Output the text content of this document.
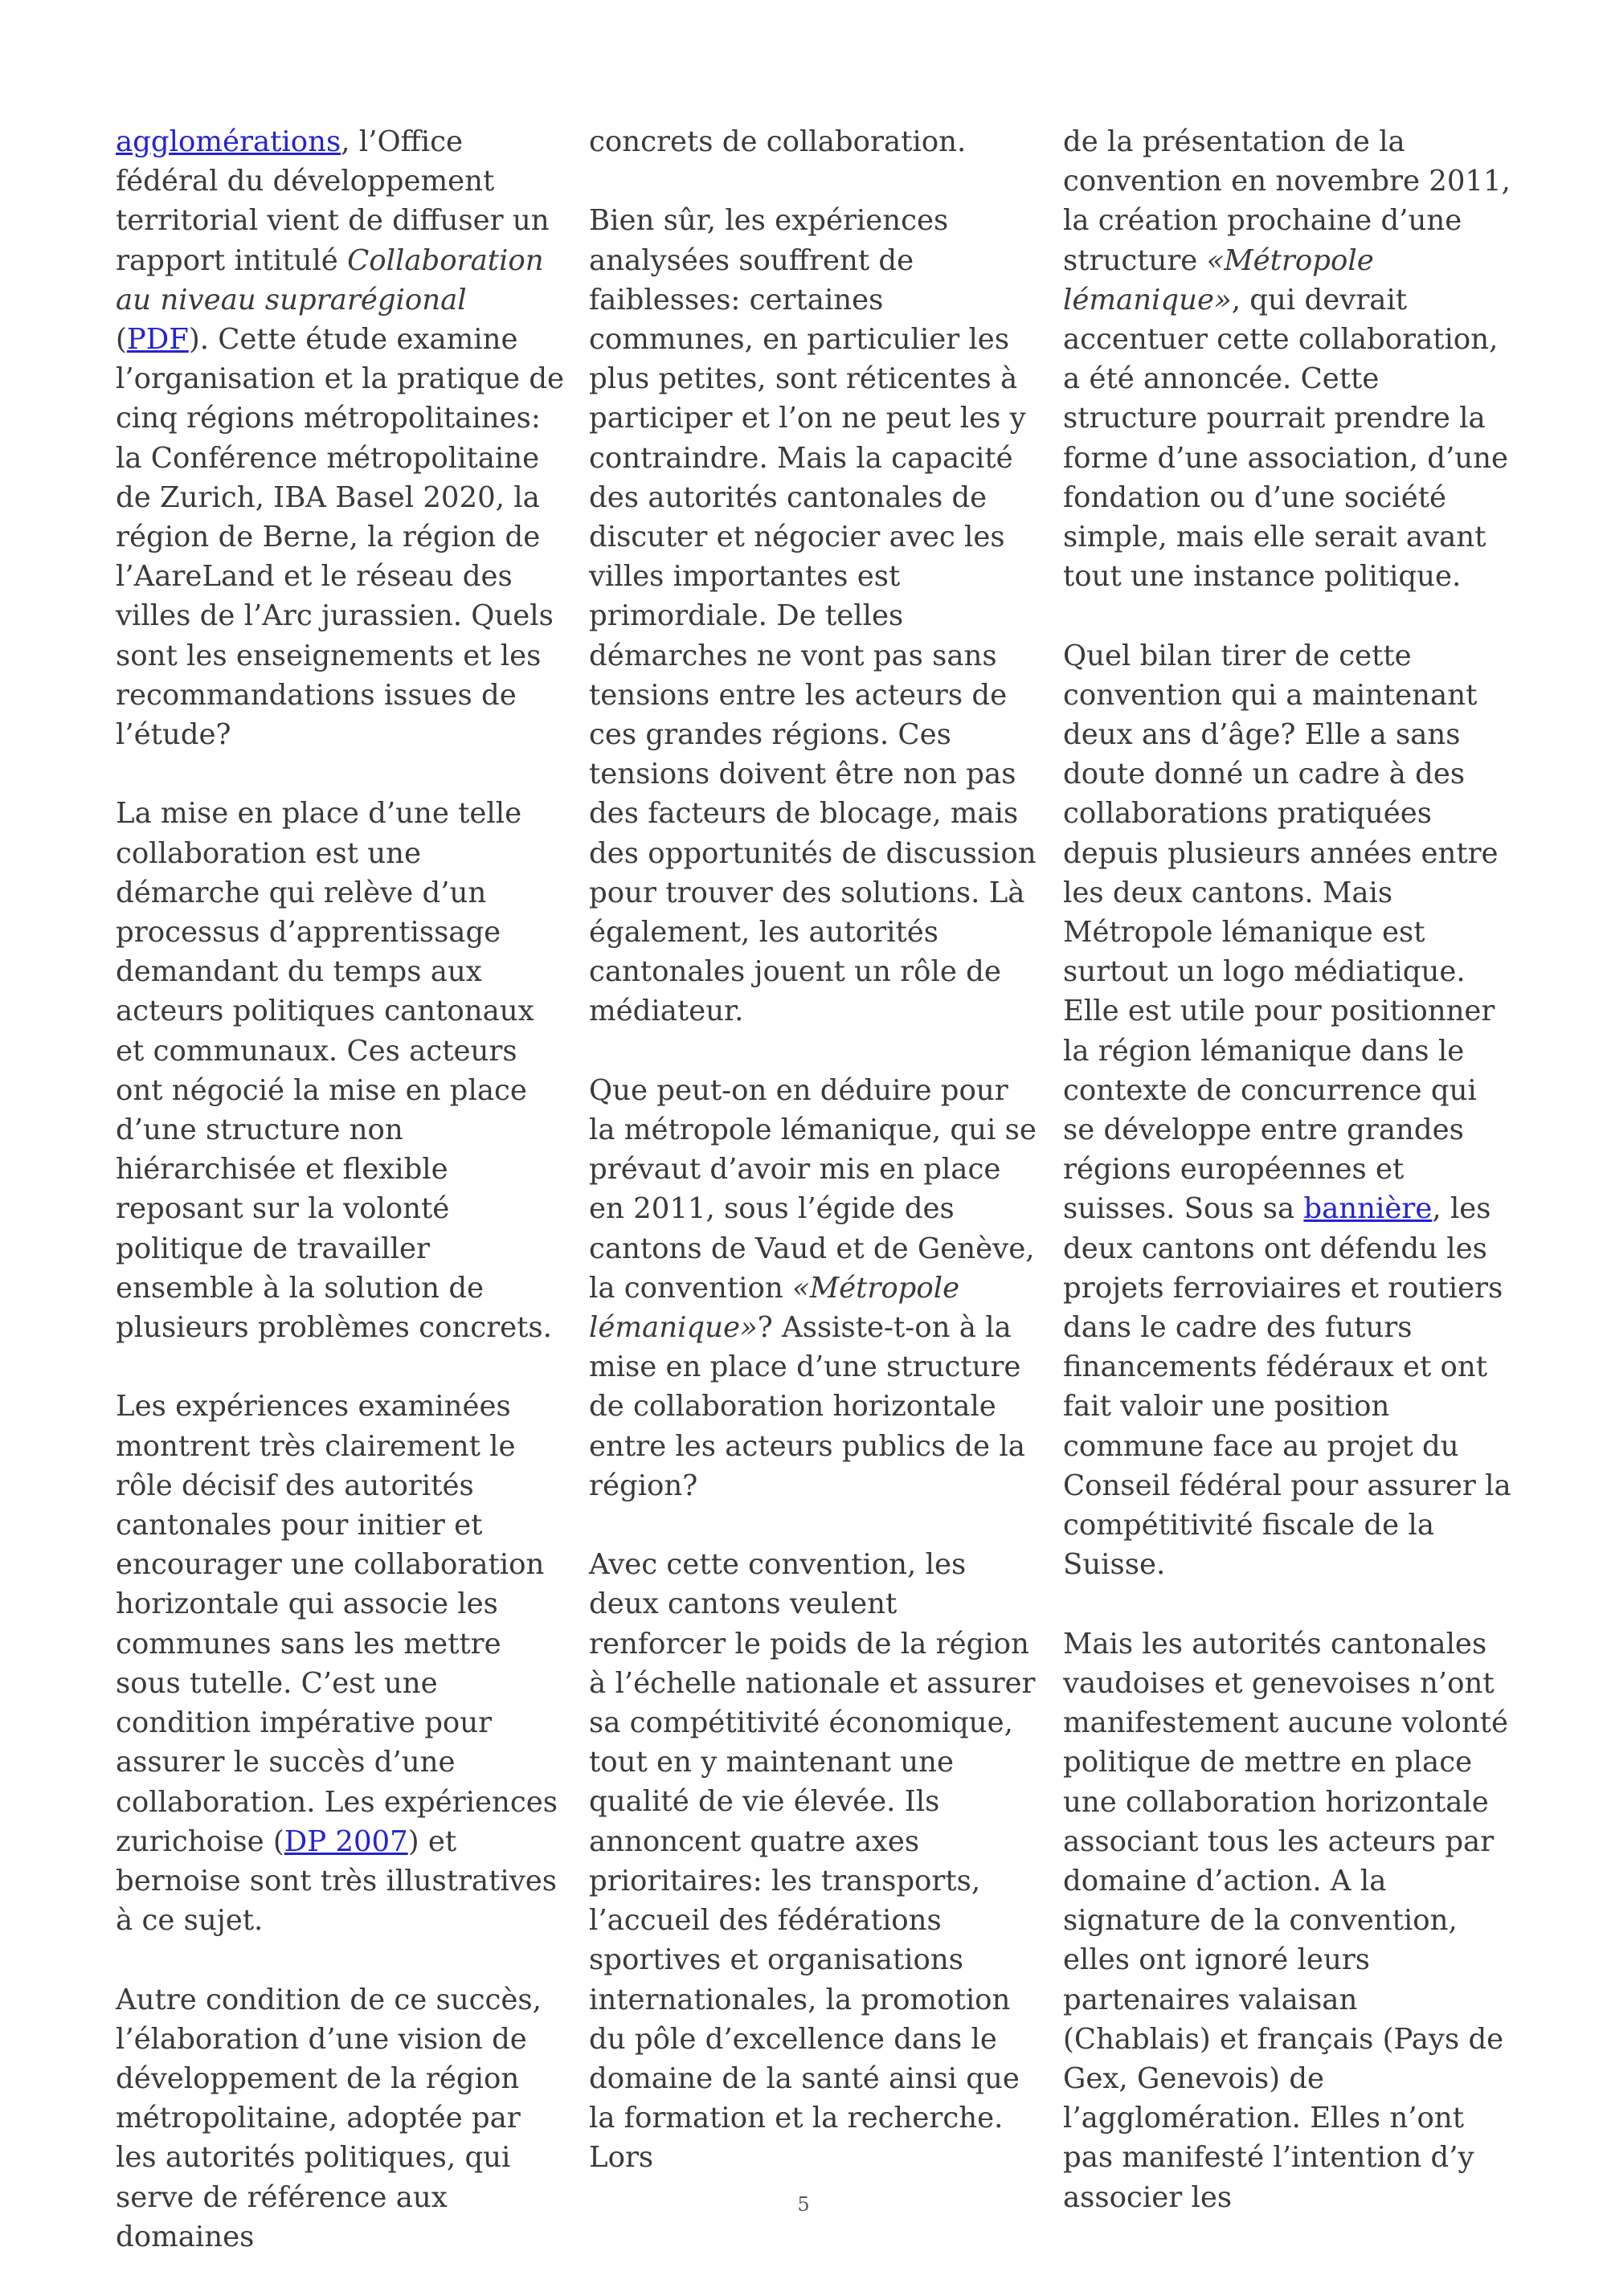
agglomérations, l’Office fédéral du développement territorial vient de diffuser un rapport intitulé Collaboration au niveau suprarégional (PDF). Cette étude examine l’organisation et la pratique de cinq régions métropolitaines: la Conférence métropolitaine de Zurich, IBA Basel 2020, la région de Berne, la région de l’AareLand et le réseau des villes de l’Arc jurassien. Quels sont les enseignements et les recommandations issues de l’étude?

La mise en place d’une telle collaboration est une démarche qui relève d’un processus d’apprentissage demandant du temps aux acteurs politiques cantonaux et communaux. Ces acteurs ont négocié la mise en place d’une structure non hiérarchisée et flexible reposant sur la volonté politique de travailler ensemble à la solution de plusieurs problèmes concrets.

Les expériences examinées montrent très clairement le rôle décisif des autorités cantonales pour initier et encourager une collaboration horizontale qui associe les communes sans les mettre sous tutelle. C’est une condition impérative pour assurer le succès d’une collaboration. Les expériences zurichoise (DP 2007) et bernoise sont très illustratives à ce sujet.

Autre condition de ce succès, l’élaboration d’une vision de développement de la région métropolitaine, adoptée par les autorités politiques, qui serve de référence aux domaines

concrets de collaboration.

Bien sûr, les expériences analysées souffrent de faiblesses: certaines communes, en particulier les plus petites, sont réticentes à participer et l’on ne peut les y contraindre. Mais la capacité des autorités cantonales de discuter et négocier avec les villes importantes est primordiale. De telles démarches ne vont pas sans tensions entre les acteurs de ces grandes régions. Ces tensions doivent être non pas des facteurs de blocage, mais des opportunités de discussion pour trouver des solutions. Là également, les autorités cantonales jouent un rôle de médiateur.

Que peut-on en déduire pour la métropole lémanique, qui se prévaut d’avoir mis en place en 2011, sous l’égide des cantons de Vaud et de Genève, la convention «Métropole lémanique»? Assiste-t-on à la mise en place d’une structure de collaboration horizontale entre les acteurs publics de la région?

Avec cette convention, les deux cantons veulent renforcer le poids de la région à l’échelle nationale et assurer sa compétitivité économique, tout en y maintenant une qualité de vie élevée. Ils annoncent quatre axes prioritaires: les transports, l’accueil des fédérations sportives et organisations internationales, la promotion du pôle d’excellence dans le domaine de la santé ainsi que la formation et la recherche. Lors

de la présentation de la convention en novembre 2011, la création prochaine d’une structure «Métropole lémanique», qui devrait accentuer cette collaboration, a été annoncée. Cette structure pourrait prendre la forme d’une association, d’une fondation ou d’une société simple, mais elle serait avant tout une instance politique.

Quel bilan tirer de cette convention qui a maintenant deux ans d’âge? Elle a sans doute donné un cadre à des collaborations pratiquées depuis plusieurs années entre les deux cantons. Mais Métropole lémanique est surtout un logo médiatique. Elle est utile pour positionner la région lémanique dans le contexte de concurrence qui se développe entre grandes régions européennes et suisses. Sous sa bannière, les deux cantons ont défendu les projets ferroviaires et routiers dans le cadre des futurs financements fédéraux et ont fait valoir une position commune face au projet du Conseil fédéral pour assurer la compétitivité fiscale de la Suisse.

Mais les autorités cantonales vaudoises et genevoises n’ont manifestement aucune volonté politique de mettre en place une collaboration horizontale associant tous les acteurs par domaine d’action. A la signature de la convention, elles ont ignoré leurs partenaires valaisan (Chablais) et français (Pays de Gex, Genevois) de l’agglomération. Elles n’ont pas manifesté l’intention d’y associer les

5
